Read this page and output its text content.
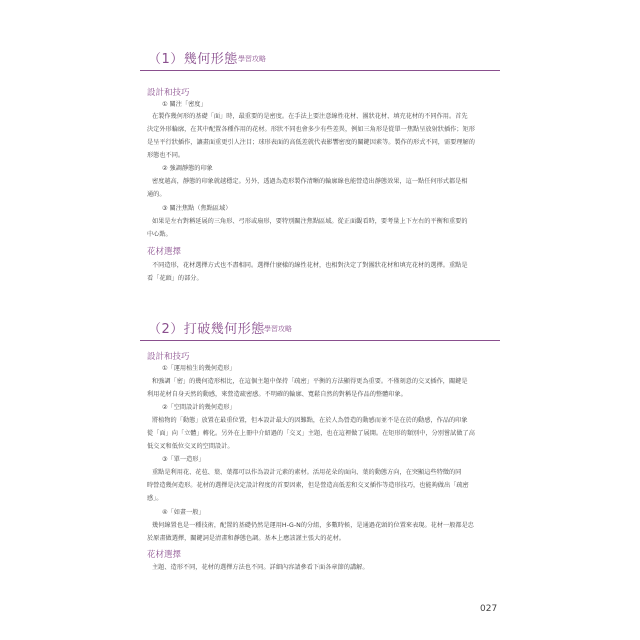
（1）幾何形態 學習攻略
設計和技巧
① 關注「密度」
在製作幾何形的基礎「面」時，最重要的是密度。在手法上要注意線性花材、團狀花材、填充花材的不同作用。首先
決定外形輪廓，在其中配置各種作用的花材。形狀不同也會多少有些差異，例如三角形是從單一焦點呈放射狀插作；矩形
是呈平行狀插作，讓畫面重更引人注目；球形表面的高低差就代表影響密度的關鍵因素等。製作的形式不同，需要理解的
形態也不同。
② 強調靜態的印象
密度越高，靜態的印象就越穩定。另外，透過為造形製作清晰的輪廓線也能營造出靜態效果，這一點任何形式都是相
通的。
③ 關注焦點（焦點區域）
如果是左右對稱延展的三角形、弓形或扇形，要特別關注焦點區域。從正面觀看時，要考量上下左右的平衡和重要的
中心點。
花材選擇
不同造形，花材選擇方式也不盡相同。選擇什麼樣的線性花材，也相對決定了對團狀花材和填充花材的選擇。重點是
看「花頭」的部分。
（2）打破幾何形態 學習攻略
設計和技巧
①「運用植生的幾何造形」
和強調「密」的幾何造形相比，在這個主題中保持「疏密」平衡的方法顯得更為重要。不僅刻意的交叉插作，關鍵是
利用花材自身天然的動感，來營造疏密感。不明確的輪廓、寬鬆自然的對稱是作品的整體印象。
②「空間設計的幾何造形」
將植物的「動態」放置在最重位置，但本設計最大的因難點，在於人為營造的動感而並不是在於的動感，作品的印象
從「面」向「立體」轉化。另外在上冊中介紹過的「交叉」主題，也在這裡做了展開。在矩形的類別中，分別嘗試做了高
低交叉和低位交叉的空間設計。
③「單一造形」
重點是利用花、花苞、葉、葉都可以作為設計元素的素材。活用花朵的面向、葉的動態方向，在突顯這些特徵的同
時營造幾何造形。花材的選擇是決定設計程度的首要因素，但是營造高低差和交叉插作等造形技巧，也能夠做出「疏密
感」。
④「如畫一般」
幾何線置也是一種技術，配置的基礎仍然是運用H-G-N的分組，多數時候，是通過花頭的位置來表現。花材一般都是忠
於原畫做選擇，關鍵詞是清畫和靜態色調。基本上應該謹主張大的花材。
花材選擇
主題、造形不同，花材的選擇方法也不同。詳細內容請參看下面各章節的講解。
027
